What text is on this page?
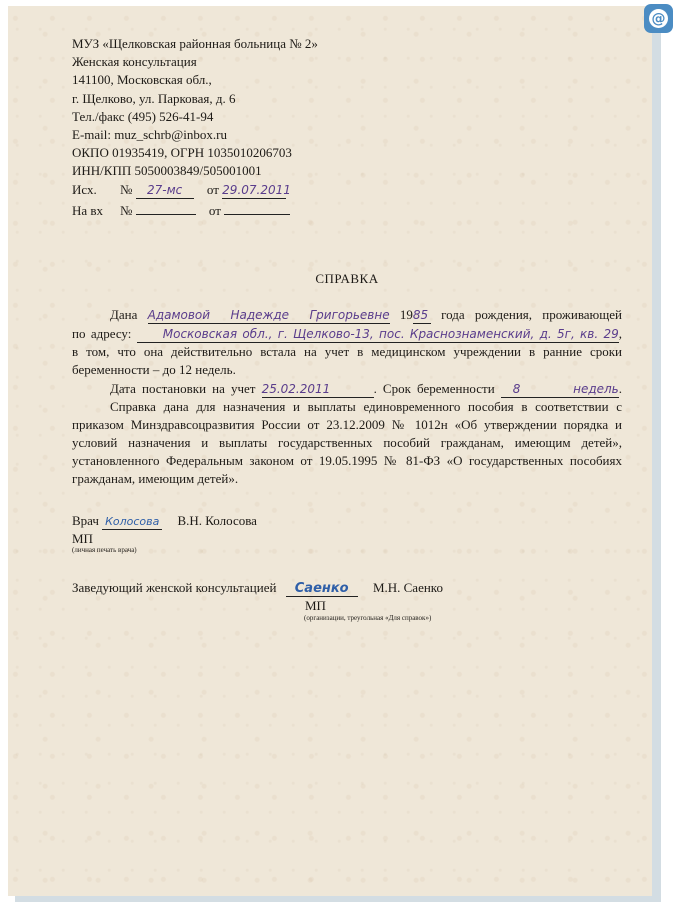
@
МУЗ «Щелковская районная больница № 2»
Женская консультация
141100, Московская обл.,
г. Щелково, ул. Парковая, д. 6
Тел./факс (495) 526-41-94
E-mail: muz_schrb@inbox.ru
ОКПО 01935419, ОГРН 1035010206703
ИНН/КПП 5050003849/505001001
Исх. № 27-мс от 29.07.2011
На вх №	от
СПРАВКА
Дана Адамовой Надежде Григорьевне 1985 года рождения, проживающей
по адресу:	Московская обл., г. Щелково-13, пос. Краснознаменский, д. 5г, кв. 29,
в том, что она действительно встала на учет в медицинском учреждении в ранние сроки
беременности – до 12 недель.
Дата постановки на учет 25.02.2011	. Срок беременности 8 недель.
Справка дана для назначения и выплаты единовременного пособия в соответствии с приказом Минздравсоцразвития России от 23.12.2009 № 1012н «Об утверждении порядка и условий назначения и выплаты государственных пособий гражданам, имеющим детей», установленного Федеральным законом от 19.05.1995 № 81-ФЗ «О государственных пособиях гражданам, имеющим детей».
Врач Колосова В.Н. Колосова
МП
(личная печать врача)
Заведующий женской консультацией Саенко М.Н. Саенко
МП
(организации, треугольная «Для справок»)
